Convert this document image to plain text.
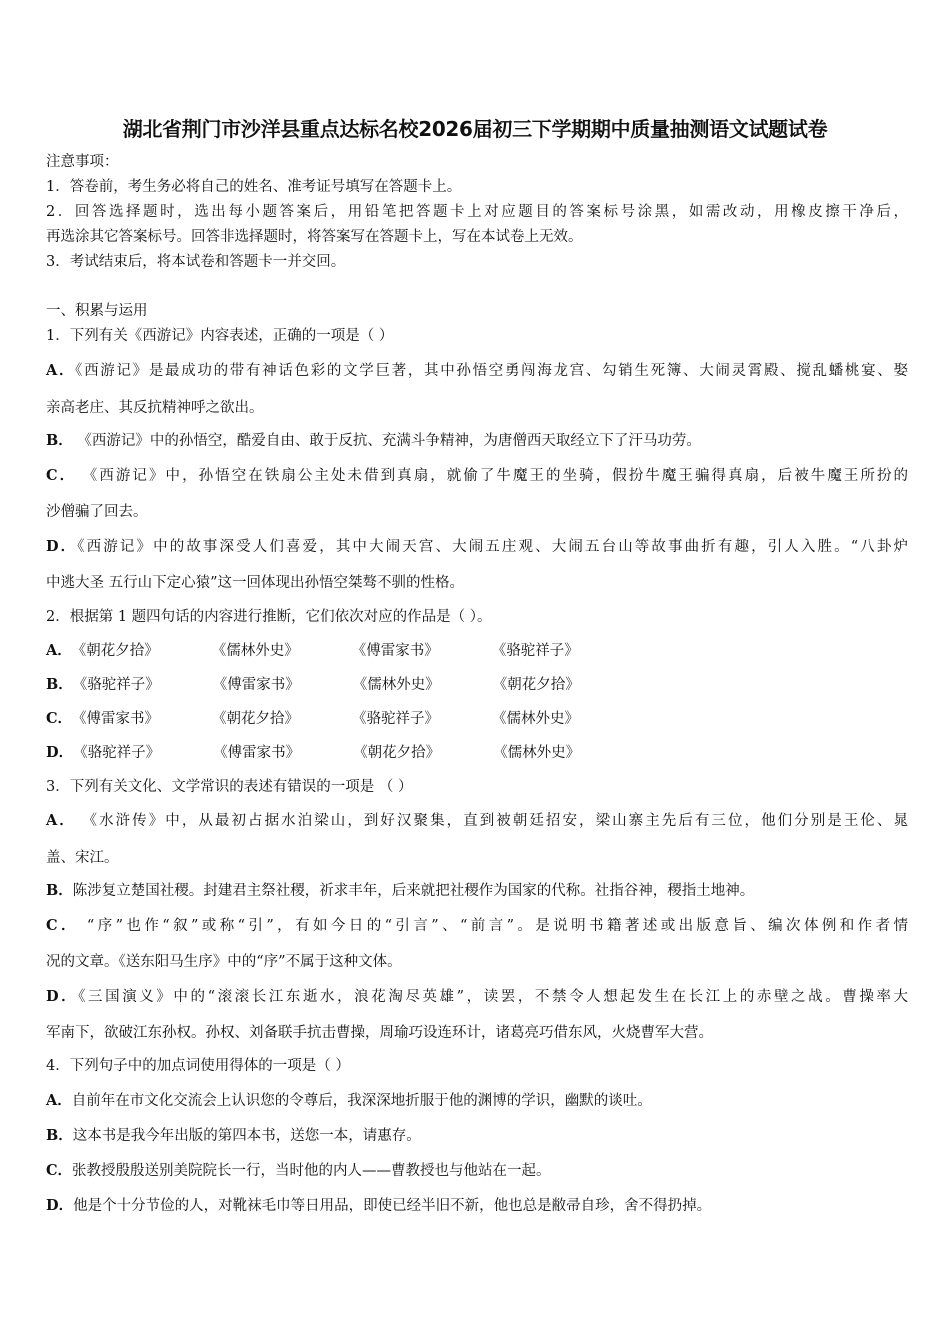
湖北省荆门市沙洋县重点达标名校2026届初三下学期期中质量抽测语文试题试卷
注意事项：
1．答卷前，考生务必将自己的姓名、准考证号填写在答题卡上。
2．回答选择题时，选出每小题答案后，用铅笔把答题卡上对应题目的答案标号涂黑，如需改动，用橡皮擦干净后，
再选涂其它答案标号。回答非选择题时，将答案写在答题卡上，写在本试卷上无效。
3．考试结束后，将本试卷和答题卡一并交回。
一、积累与运用
1．下列有关《西游记》内容表述，正确的一项是（ ）
A．《西游记》是最成功的带有神话色彩的文学巨著，其中孙悟空勇闯海龙宫、勾销生死簿、大闹灵霄殿、搅乱蟠桃宴、娶
亲高老庄、其反抗精神呼之欲出。
B． 《西游记》中的孙悟空，酷爱自由、敢于反抗、充满斗争精神，为唐僧西天取经立下了汗马功劳。
C． 《西游记》中，孙悟空在铁扇公主处未借到真扇，就偷了牛魔王的坐骑，假扮牛魔王骗得真扇，后被牛魔王所扮的
沙僧骗了回去。
D．《西游记》中的故事深受人们喜爱，其中大闹天宫、大闹五庄观、大闹五台山等故事曲折有趣，引人入胜。“八卦炉
中逃大圣 五行山下定心猿”这一回体现出孙悟空桀骜不驯的性格。
2．根据第 1 题四句话的内容进行推断，它们依次对应的作品是（ ）。
A．《朝花夕拾》	《儒林外史》	《傅雷家书》	《骆驼祥子》
B．《骆驼祥子》	《傅雷家书》	《儒林外史》	《朝花夕拾》
C．《傅雷家书》	《朝花夕拾》	《骆驼祥子》	《儒林外史》
D．《骆驼祥子》	《傅雷家书》	《朝花夕拾》	《儒林外史》
3．下列有关文化、文学常识的表述有错误的一项是 （ ）
A． 《水浒传》中，从最初占据水泊梁山，到好汉聚集，直到被朝廷招安，梁山寨主先后有三位，他们分别是王伦、晁
盖、宋江。
B．陈涉复立楚国社稷。封建君主祭社稷，祈求丰年，后来就把社稷作为国家的代称。社指谷神，稷指土地神。
C． “序”也作“叙”或称“引”，有如今日的“引言”、“前言”。是说明书籍著述或出版意旨、编次体例和作者情
况的文章。《送东阳马生序》中的“序”不属于这种文体。
D．《三国演义》中的“滚滚长江东逝水，浪花淘尽英雄”，读罢，不禁令人想起发生在长江上的赤壁之战。曹操率大
军南下，欲破江东孙权。孙权、刘备联手抗击曹操，周瑜巧设连环计，诸葛亮巧借东风，火烧曹军大营。
4．下列句子中的加点词使用得体的一项是（ ）
A．自前年在市文化交流会上认识您的令尊后，我深深地折服于他的渊博的学识，幽默的谈吐。
B．这本书是我今年出版的第四本书，送您一本，请惠存。
C．张教授殷殷送别美院院长一行，当时他的内人——曹教授也与他站在一起。
D．他是个十分节俭的人，对靴袜毛巾等日用品，即使已经半旧不新，他也总是敝帚自珍，舍不得扔掉。
